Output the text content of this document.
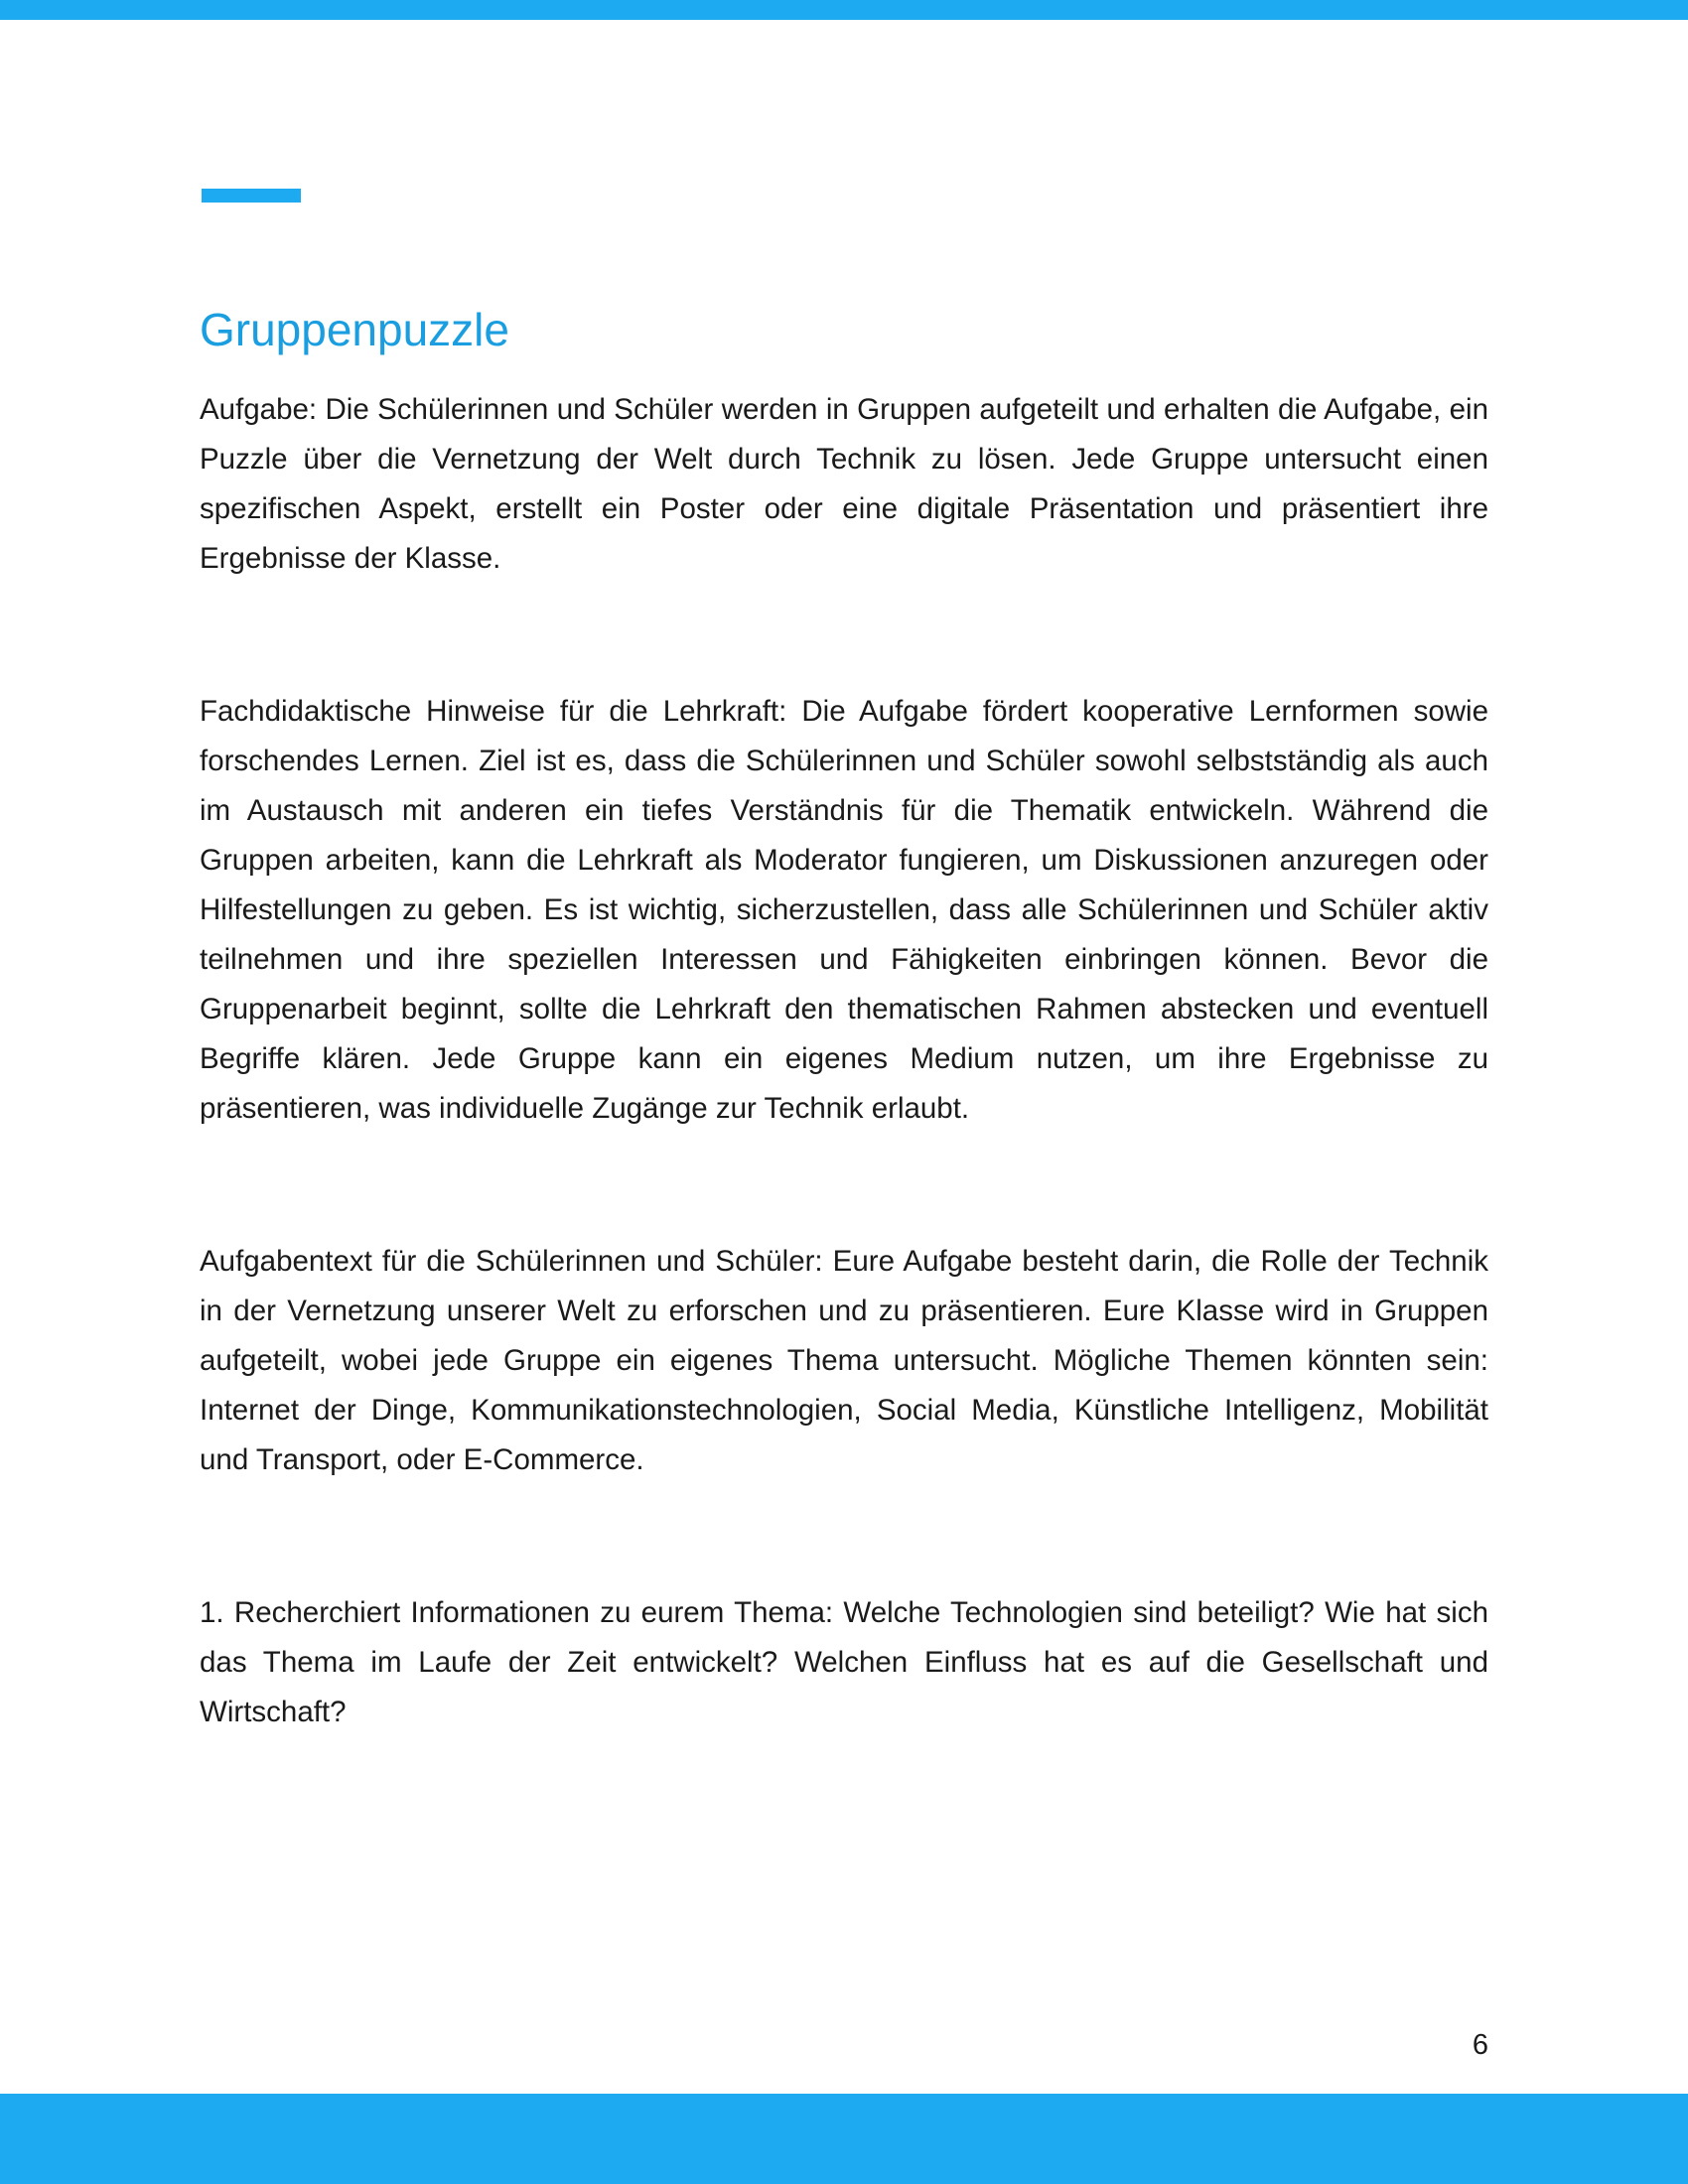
Gruppenpuzzle

Aufgabe: Die Schülerinnen und Schüler werden in Gruppen aufgeteilt und erhalten die Aufgabe, ein Puzzle über die Vernetzung der Welt durch Technik zu lösen. Jede Gruppe untersucht einen spezifischen Aspekt, erstellt ein Poster oder eine digitale Präsentation und präsentiert ihre Ergebnisse der Klasse.

Fachdidaktische Hinweise für die Lehrkraft: Die Aufgabe fördert kooperative Lernformen sowie forschendes Lernen. Ziel ist es, dass die Schülerinnen und Schüler sowohl selbstständig als auch im Austausch mit anderen ein tiefes Verständnis für die Thematik entwickeln. Während die Gruppen arbeiten, kann die Lehrkraft als Moderator fungieren, um Diskussionen anzuregen oder Hilfestellungen zu geben. Es ist wichtig, sicherzustellen, dass alle Schülerinnen und Schüler aktiv teilnehmen und ihre speziellen Interessen und Fähigkeiten einbringen können. Bevor die Gruppenarbeit beginnt, sollte die Lehrkraft den thematischen Rahmen abstecken und eventuell Begriffe klären. Jede Gruppe kann ein eigenes Medium nutzen, um ihre Ergebnisse zu präsentieren, was individuelle Zugänge zur Technik erlaubt.

Aufgabentext für die Schülerinnen und Schüler: Eure Aufgabe besteht darin, die Rolle der Technik in der Vernetzung unserer Welt zu erforschen und zu präsentieren. Eure Klasse wird in Gruppen aufgeteilt, wobei jede Gruppe ein eigenes Thema untersucht. Mögliche Themen könnten sein: Internet der Dinge, Kommunikationstechnologien, Social Media, Künstliche Intelligenz, Mobilität und Transport, oder E-Commerce.

1. Recherchiert Informationen zu eurem Thema: Welche Technologien sind beteiligt? Wie hat sich das Thema im Laufe der Zeit entwickelt? Welchen Einfluss hat es auf die Gesellschaft und Wirtschaft?

6
